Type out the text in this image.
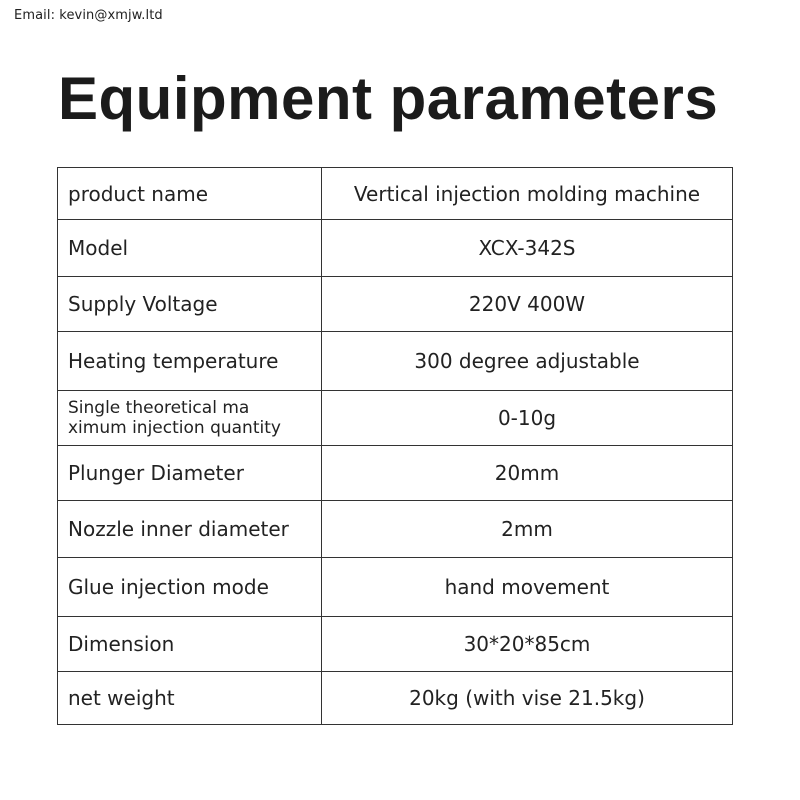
Email: kevin@xmjw.ltd
Equipment parameters
product name	Vertical injection molding machine
Model	XCX-342S
Supply Voltage	220V 400W
Heating temperature	300 degree adjustable

Single theoretical ma
ximum injection quantity	0-10g
Plunger Diameter	20mm
Nozzle inner diameter	2mm
Glue injection mode	hand movement
Dimension	30*20*85cm
net weight	20kg (with vise 21.5kg)
